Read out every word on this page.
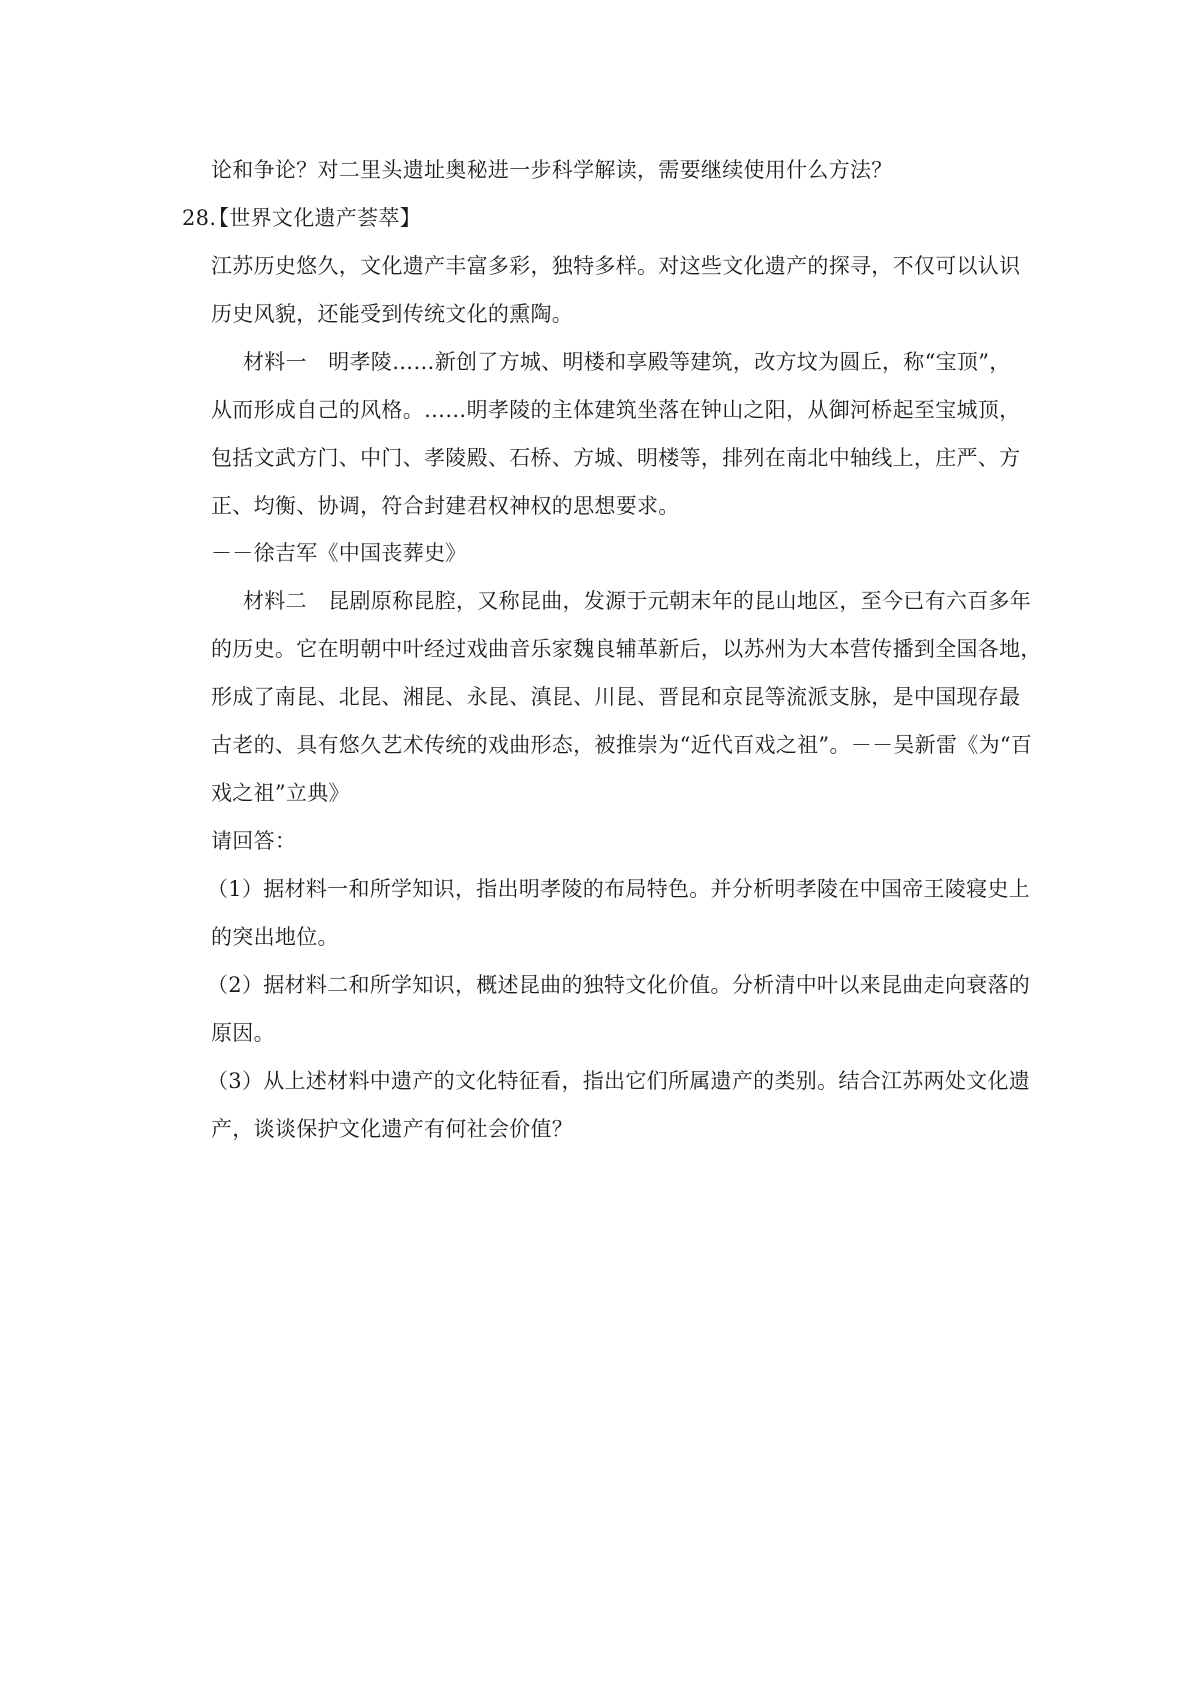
论和争论？对二里头遗址奥秘进一步科学解读，需要继续使用什么方法？
28.
【世界文化遗产荟萃】
江苏历史悠久，文化遗产丰富多彩，独特多样。对这些文化遗产的探寻，不仅可以认识
历史风貌，还能受到传统文化的熏陶。
材料一　明孝陵……新创了方城、明楼和享殿等建筑，改方坟为圆丘，称“宝顶”，
从而形成自己的风格。……明孝陵的主体建筑坐落在钟山之阳，从御河桥起至宝城顶，
包括文武方门、中门、孝陵殿、石桥、方城、明楼等，排列在南北中轴线上，庄严、方
正、均衡、协调，符合封建君权神权的思想要求。
－－徐吉军《中国丧葬史》
材料二　昆剧原称昆腔，又称昆曲，发源于元朝末年的昆山地区，至今已有六百多年
的历史。它在明朝中叶经过戏曲音乐家魏良辅革新后，以苏州为大本营传播到全国各地，
形成了南昆、北昆、湘昆、永昆、滇昆、川昆、晋昆和京昆等流派支脉，是中国现存最
古老的、具有悠久艺术传统的戏曲形态，被推崇为“近代百戏之祖”。－－吴新雷《为“百
戏之祖”立典》
请回答：
（1）据材料一和所学知识，指出明孝陵的布局特色。并分析明孝陵在中国帝王陵寝史上
的突出地位。
（2）据材料二和所学知识，概述昆曲的独特文化价值。分析清中叶以来昆曲走向衰落的
原因。
（3）从上述材料中遗产的文化特征看，指出它们所属遗产的类别。结合江苏两处文化遗
产，谈谈保护文化遗产有何社会价值？
